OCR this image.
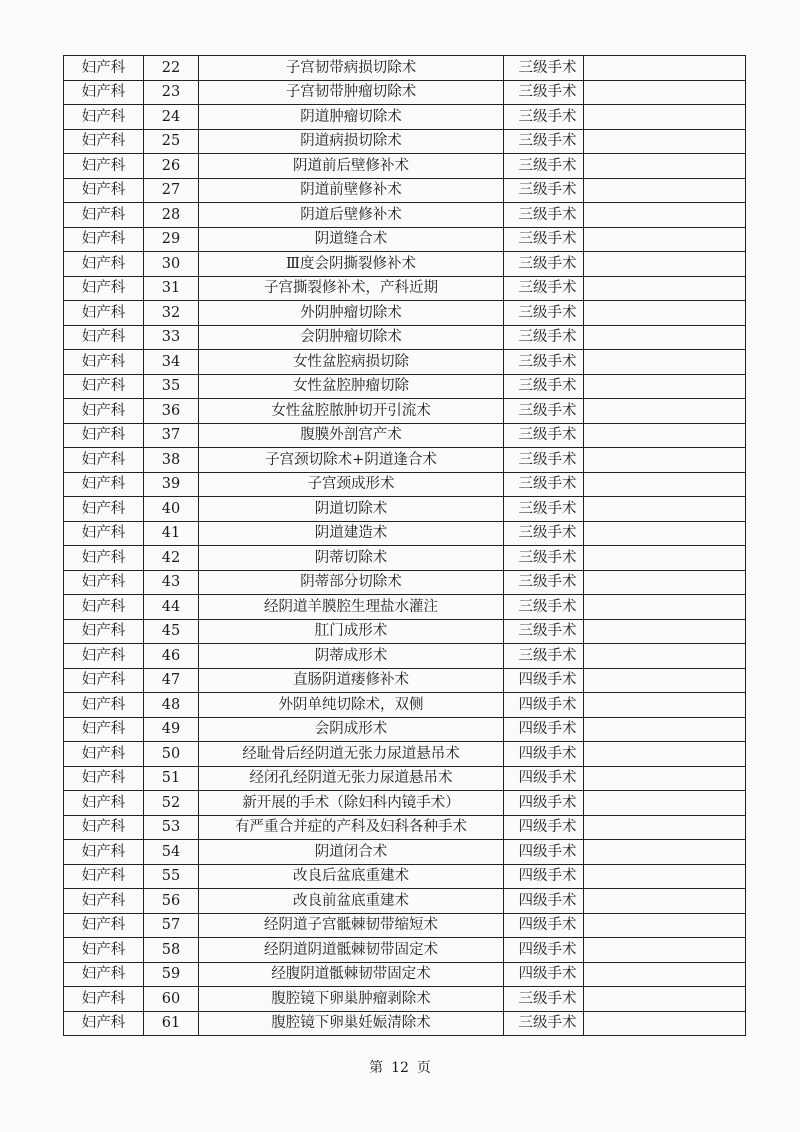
妇产科	22	子宫韧带病损切除术	三级手术	
妇产科	23	子宫韧带肿瘤切除术	三级手术	
妇产科	24	阴道肿瘤切除术	三级手术	
妇产科	25	阴道病损切除术	三级手术	
妇产科	26	阴道前后壁修补术	三级手术	
妇产科	27	阴道前壁修补术	三级手术	
妇产科	28	阴道后壁修补术	三级手术	
妇产科	29	阴道缝合术	三级手术	
妇产科	30	Ⅲ度会阴撕裂修补术	三级手术	
妇产科	31	子宫撕裂修补术，产科近期	三级手术	
妇产科	32	外阴肿瘤切除术	三级手术	
妇产科	33	会阴肿瘤切除术	三级手术	
妇产科	34	女性盆腔病损切除	三级手术	
妇产科	35	女性盆腔肿瘤切除	三级手术	
妇产科	36	女性盆腔脓肿切开引流术	三级手术	
妇产科	37	腹膜外剖宫产术	三级手术	
妇产科	38	子宫颈切除术+阴道逢合术	三级手术	
妇产科	39	子宫颈成形术	三级手术	
妇产科	40	阴道切除术	三级手术	
妇产科	41	阴道建造术	三级手术	
妇产科	42	阴蒂切除术	三级手术	
妇产科	43	阴蒂部分切除术	三级手术	
妇产科	44	经阴道羊膜腔生理盐水灌注	三级手术	
妇产科	45	肛门成形术	三级手术	
妇产科	46	阴蒂成形术	三级手术	
妇产科	47	直肠阴道瘘修补术	四级手术	
妇产科	48	外阴单纯切除术，双侧	四级手术	
妇产科	49	会阴成形术	四级手术	
妇产科	50	经耻骨后经阴道无张力尿道悬吊术	四级手术	
妇产科	51	经闭孔经阴道无张力尿道悬吊术	四级手术	
妇产科	52	新开展的手术（除妇科内镜手术）	四级手术	
妇产科	53	有严重合并症的产科及妇科各种手术	四级手术	
妇产科	54	阴道闭合术	四级手术	
妇产科	55	改良后盆底重建术	四级手术	
妇产科	56	改良前盆底重建术	四级手术	
妇产科	57	经阴道子宫骶棘韧带缩短术	四级手术	
妇产科	58	经阴道阴道骶棘韧带固定术	四级手术	
妇产科	59	经腹阴道骶棘韧带固定术	四级手术	
妇产科	60	腹腔镜下卵巢肿瘤剥除术	三级手术	
妇产科	61	腹腔镜下卵巢妊娠清除术	三级手术	
第 12 页
